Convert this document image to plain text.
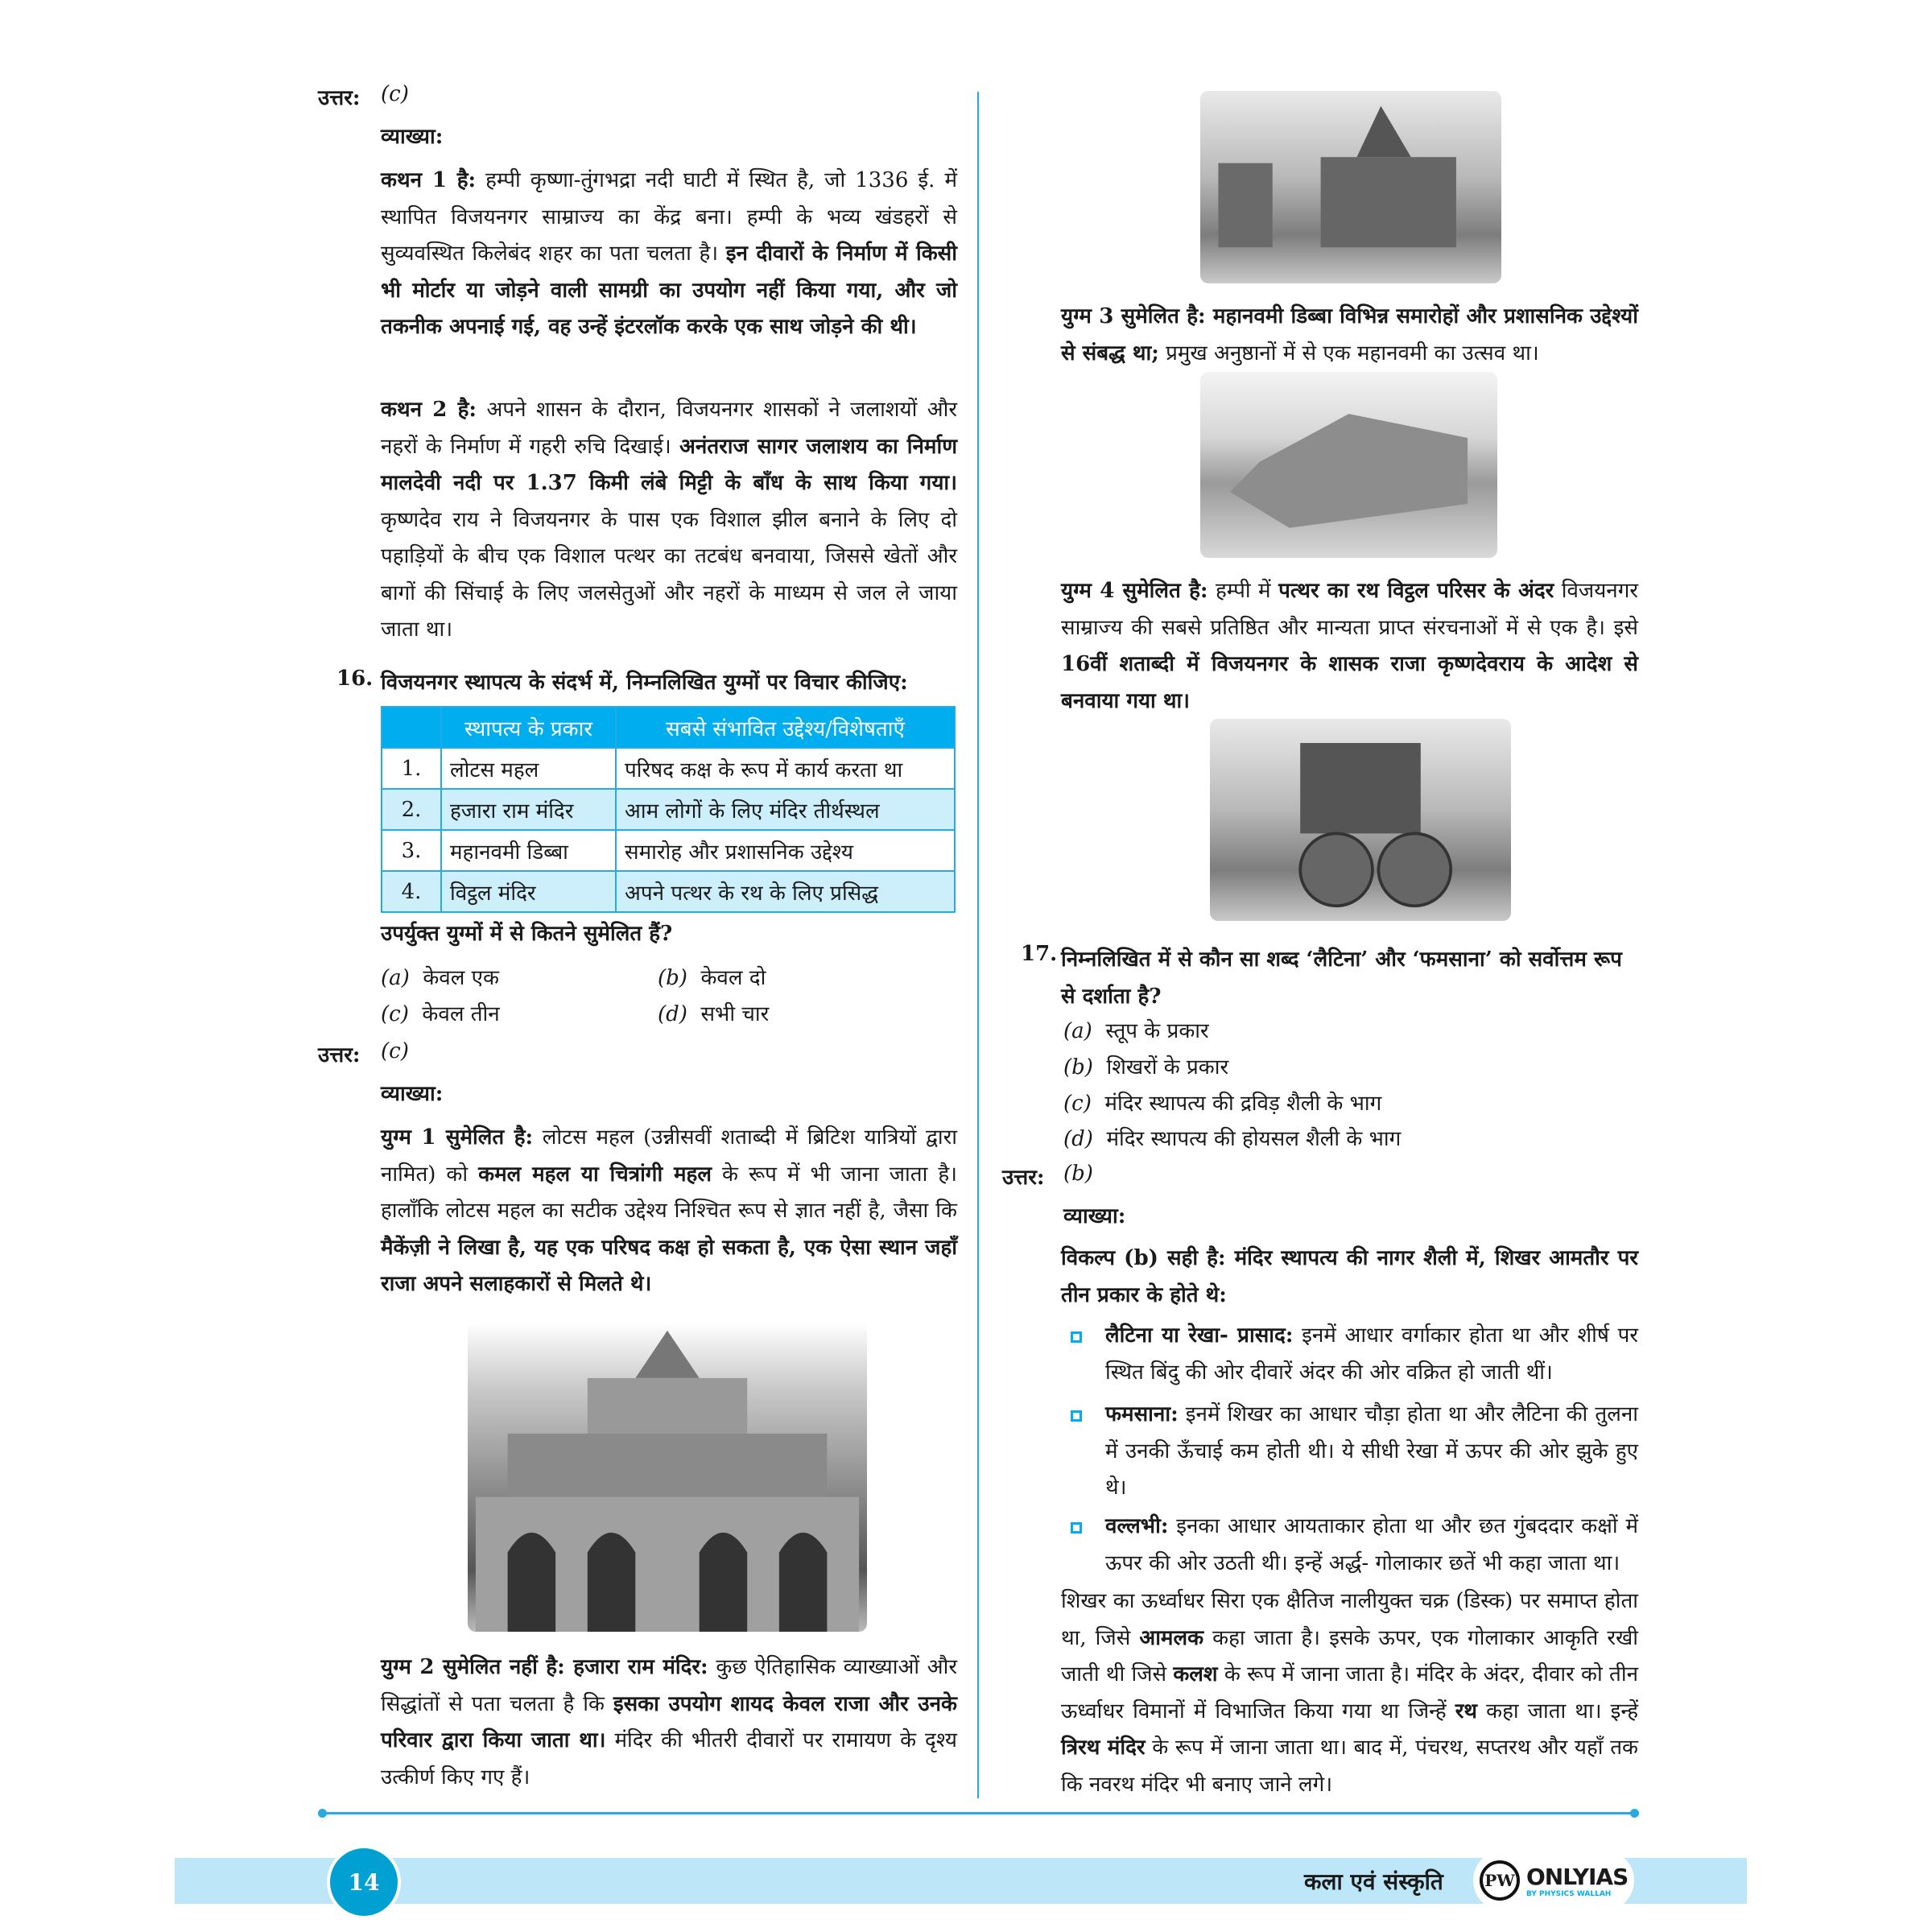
उत्तर: (c)
व्याख्या:
कथन 1 है: हम्पी कृष्णा-तुंगभद्रा नदी घाटी में स्थित है, जो 1336 ई. में स्थापित विजयनगर साम्राज्य का केंद्र बना। हम्पी के भव्य खंडहरों से सुव्यवस्थित किलेबंद शहर का पता चलता है। इन दीवारों के निर्माण में किसी भी मोर्टार या जोड़ने वाली सामग्री का उपयोग नहीं किया गया, और जो तकनीक अपनाई गई, वह उन्हें इंटरलॉक करके एक साथ जोड़ने की थी।
कथन 2 है: अपने शासन के दौरान, विजयनगर शासकों ने जलाशयों और नहरों के निर्माण में गहरी रुचि दिखाई। अनंतराज सागर जलाशय का निर्माण मालदेवी नदी पर 1.37 किमी लंबे मिट्टी के बाँध के साथ किया गया। कृष्णदेव राय ने विजयनगर के पास एक विशाल झील बनाने के लिए दो पहाड़ियों के बीच एक विशाल पत्थर का तटबंध बनवाया, जिससे खेतों और बागों की सिंचाई के लिए जलसेतुओं और नहरों के माध्यम से जल ले जाया जाता था।
16. विजयनगर स्थापत्य के संदर्भ में, निम्नलिखित युग्मों पर विचार कीजिए:
	स्थापत्य के प्रकार	सबसे संभावित उद्देश्य/विशेषताएँ
1.	लोटस महल	परिषद कक्ष के रूप में कार्य करता था
2.	हजारा राम मंदिर	आम लोगों के लिए मंदिर तीर्थस्थल
3.	महानवमी डिब्बा	समारोह और प्रशासनिक उद्देश्य
4.	विट्ठल मंदिर	अपने पत्थर के रथ के लिए प्रसिद्ध
उपर्युक्त युग्मों में से कितने सुमेलित हैं?
(a) केवल एक	(b) केवल दो
(c) केवल तीन	(d) सभी चार
उत्तर: (c)
व्याख्या:
युग्म 1 सुमेलित है: लोटस महल (उन्नीसवीं शताब्दी में ब्रिटिश यात्रियों द्वारा नामित) को कमल महल या चित्रांगी महल के रूप में भी जाना जाता है। हालाँकि लोटस महल का सटीक उद्देश्य निश्चित रूप से ज्ञात नहीं है, जैसा कि मैकेंज़ी ने लिखा है, यह एक परिषद कक्ष हो सकता है, एक ऐसा स्थान जहाँ राजा अपने सलाहकारों से मिलते थे।
युग्म 2 सुमेलित नहीं है: हजारा राम मंदिर: कुछ ऐतिहासिक व्याख्याओं और सिद्धांतों से पता चलता है कि इसका उपयोग शायद केवल राजा और उनके परिवार द्वारा किया जाता था। मंदिर की भीतरी दीवारों पर रामायण के दृश्य उत्कीर्ण किए गए हैं।
युग्म 3 सुमेलित है: महानवमी डिब्बा विभिन्न समारोहों और प्रशासनिक उद्देश्यों से संबद्ध था; प्रमुख अनुष्ठानों में से एक महानवमी का उत्सव था।
युग्म 4 सुमेलित है: हम्पी में पत्थर का रथ विट्ठल परिसर के अंदर विजयनगर साम्राज्य की सबसे प्रतिष्ठित और मान्यता प्राप्त संरचनाओं में से एक है। इसे 16वीं शताब्दी में विजयनगर के शासक राजा कृष्णदेवराय के आदेश से बनवाया गया था।
17. निम्नलिखित में से कौन सा शब्द ‘लैटिना’ और ‘फमसाना’ को सर्वोत्तम रूप से दर्शाता है?
(a) स्तूप के प्रकार
(b) शिखरों के प्रकार
(c) मंदिर स्थापत्य की द्रविड़ शैली के भाग
(d) मंदिर स्थापत्य की होयसल शैली के भाग
उत्तर: (b)
व्याख्या:
विकल्प (b) सही है: मंदिर स्थापत्य की नागर शैली में, शिखर आमतौर पर तीन प्रकार के होते थे:
लैटिना या रेखा- प्रासाद: इनमें आधार वर्गाकार होता था और शीर्ष पर स्थित बिंदु की ओर दीवारें अंदर की ओर वक्रित हो जाती थीं।
फमसाना: इनमें शिखर का आधार चौड़ा होता था और लैटिना की तुलना में उनकी ऊँचाई कम होती थी। ये सीधी रेखा में ऊपर की ओर झुके हुए थे।
वल्लभी: इनका आधार आयताकार होता था और छत गुंबददार कक्षों में ऊपर की ओर उठती थी। इन्हें अर्द्ध- गोलाकार छतें भी कहा जाता था।
शिखर का ऊर्ध्वाधर सिरा एक क्षैतिज नालीयुक्त चक्र (डिस्क) पर समाप्त होता था, जिसे आमलक कहा जाता है। इसके ऊपर, एक गोलाकार आकृति रखी जाती थी जिसे कलश के रूप में जाना जाता है। मंदिर के अंदर, दीवार को तीन ऊर्ध्वाधर विमानों में विभाजित किया गया था जिन्हें रथ कहा जाता था। इन्हें त्रिरथ मंदिर के रूप में जाना जाता था। बाद में, पंचरथ, सप्तरथ और यहाँ तक कि नवरथ मंदिर भी बनाए जाने लगे।
14	कला एवं संस्कृति	PW ONLYIAS
BY PHYSICS WALLAH
